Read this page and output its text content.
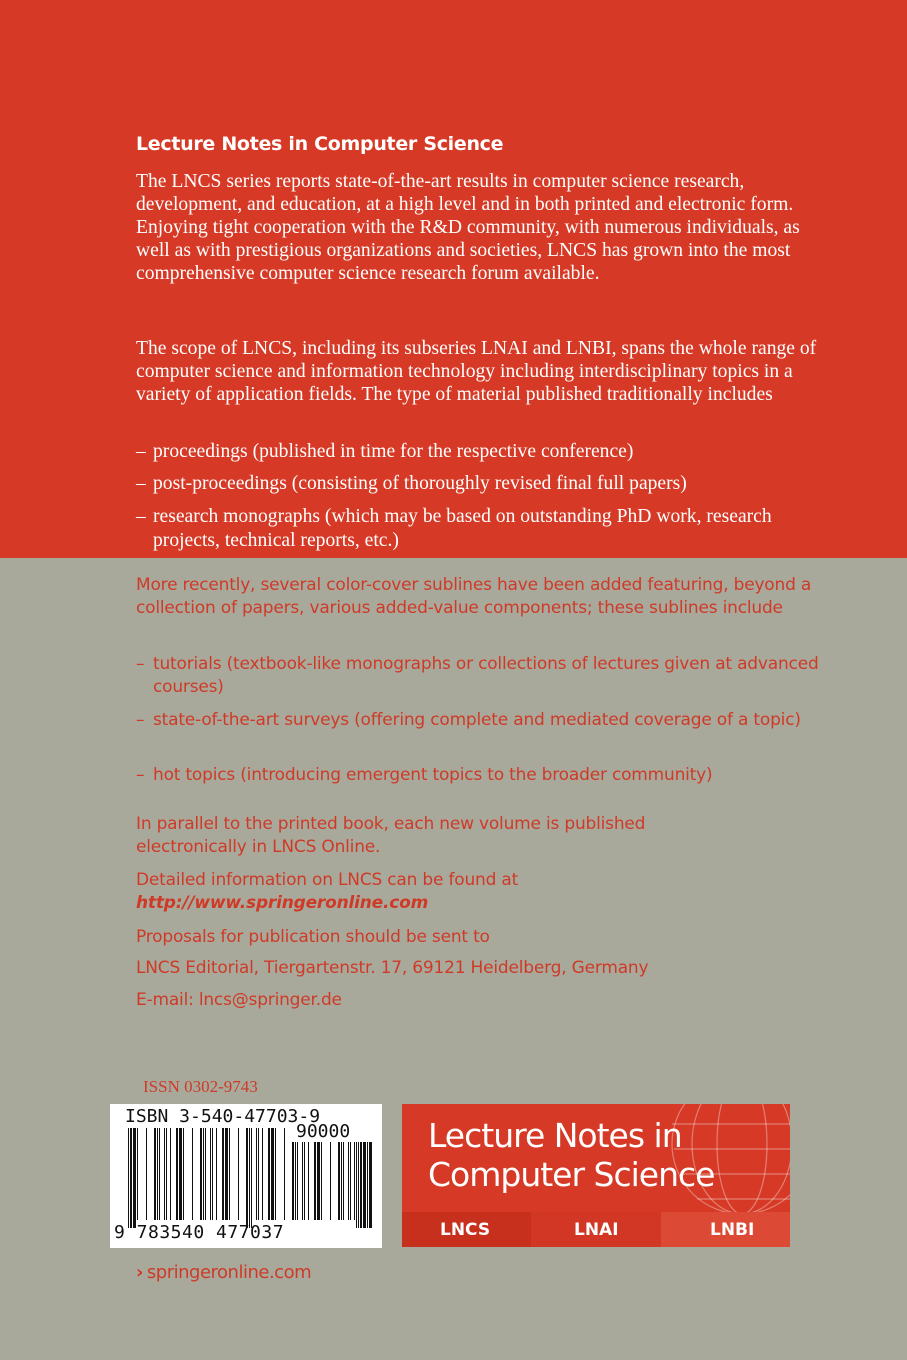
Lecture Notes in Computer Science

The LNCS series reports state-of-the-art results in computer science research, development, and education, at a high level and in both printed and electronic form. Enjoying tight cooperation with the R&D community, with numerous individuals, as well as with prestigious organizations and societies, LNCS has grown into the most comprehensive computer science research forum available.

The scope of LNCS, including its subseries LNAI and LNBI, spans the whole range of computer science and information technology including interdisciplinary topics in a variety of application fields. The type of material published traditionally includes

– proceedings (published in time for the respective conference)
– post-proceedings (consisting of thoroughly revised final full papers)
– research monographs (which may be based on outstanding PhD work, research projects, technical reports, etc.)

More recently, several color-cover sublines have been added featuring, beyond a collection of papers, various added-value components; these sublines include

– tutorials (textbook-like monographs or collections of lectures given at advanced courses)
– state-of-the-art surveys (offering complete and mediated coverage of a topic)
– hot topics (introducing emergent topics to the broader community)

In parallel to the printed book, each new volume is published electronically in LNCS Online.

Detailed information on LNCS can be found at

http://www.springeronline.com

Proposals for publication should be sent to

LNCS Editorial, Tiergartenstr. 17, 69121 Heidelberg, Germany

E-mail: lncs@springer.de

ISSN 0302-9743
ISBN 3-540-47703-9
90000
9 783540 477037
Lecture Notes in
Computer Science
LNCS	LNAI	LNBI
› springeronline.com
